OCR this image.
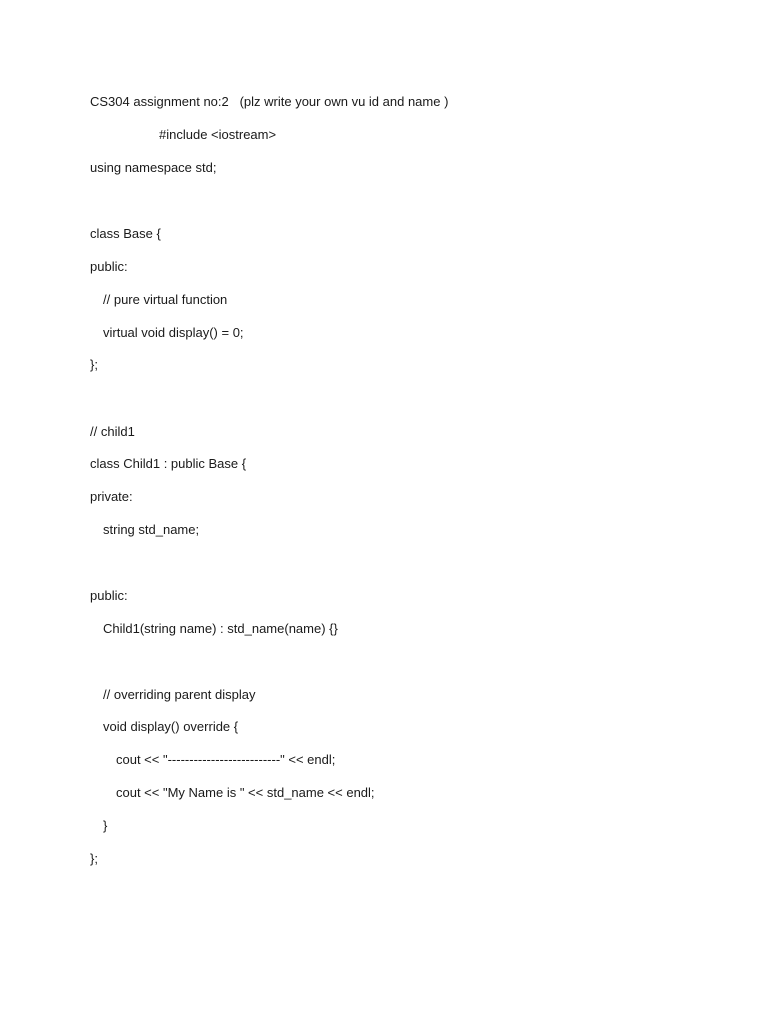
CS304 assignment no:2   (plz write your own vu id and name )
#include <iostream>
using namespace std;
class Base {
public:
// pure virtual function
virtual void display() = 0;
};
// child1
class Child1 : public Base {
private:
string std_name;
public:
Child1(string name) : std_name(name) {}
// overriding parent display
void display() override {
cout << "--------------------------" << endl;
cout << "My Name is " << std_name << endl;
}
};
